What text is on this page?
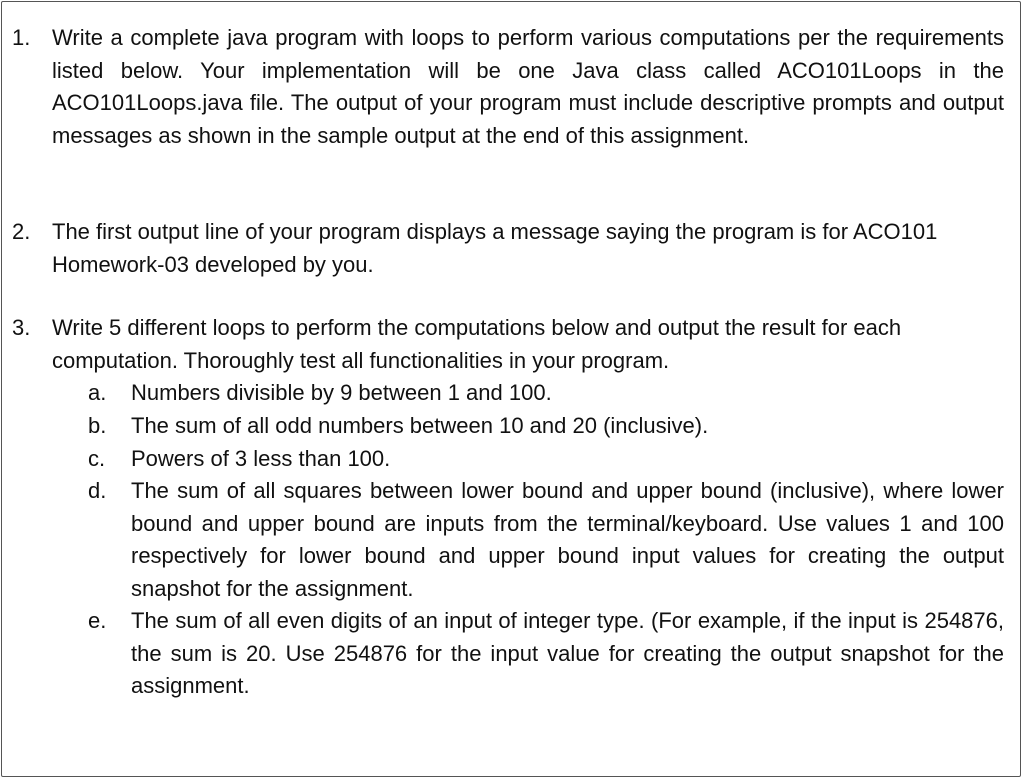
1. Write a complete java program with loops to perform various computations per the requirements listed below. Your implementation will be one Java class called ACO101Loops in the ACO101Loops.java file. The output of your program must include descriptive prompts and output messages as shown in the sample output at the end of this assignment.
2. The first output line of your program displays a message saying the program is for ACO101 Homework-03 developed by you.
3. Write 5 different loops to perform the computations below and output the result for each computation. Thoroughly test all functionalities in your program.
a. Numbers divisible by 9 between 1 and 100.
b. The sum of all odd numbers between 10 and 20 (inclusive).
c. Powers of 3 less than 100.
d. The sum of all squares between lower bound and upper bound (inclusive), where lower bound and upper bound are inputs from the terminal/keyboard. Use values 1 and 100 respectively for lower bound and upper bound input values for creating the output snapshot for the assignment.
e. The sum of all even digits of an input of integer type. (For example, if the input is 254876, the sum is 20. Use 254876 for the input value for creating the output snapshot for the assignment.
